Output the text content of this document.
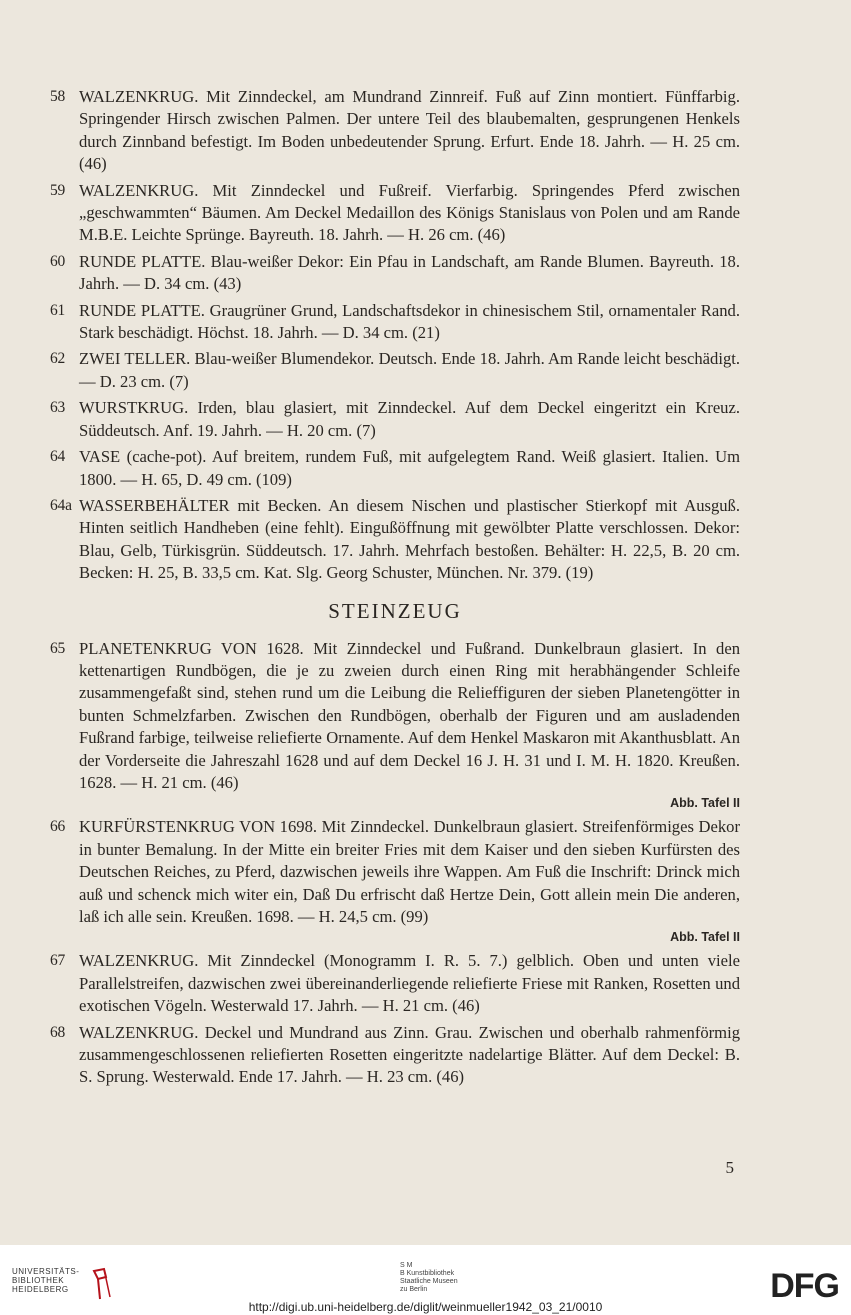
58 WALZENKRUG. Mit Zinndeckel, am Mundrand Zinnreif. Fuß auf Zinn montiert. Fünffarbig. Springender Hirsch zwischen Palmen. Der untere Teil des blaubemalten, gesprungenen Henkels durch Zinnband befestigt. Im Boden unbedeutender Sprung. Erfurt. Ende 18. Jahrh. — H. 25 cm. (46)
59 WALZENKRUG. Mit Zinndeckel und Fußreif. Vierfarbig. Springendes Pferd zwischen „geschwammten“ Bäumen. Am Deckel Medaillon des Königs Stanislaus von Polen und am Rande M.B.E. Leichte Sprünge. Bayreuth. 18. Jahrh. — H. 26 cm. (46)
60 RUNDE PLATTE. Blau-weißer Dekor: Ein Pfau in Landschaft, am Rande Blumen. Bayreuth. 18. Jahrh. — D. 34 cm. (43)
61 RUNDE PLATTE. Graugrüner Grund, Landschaftsdekor in chinesischem Stil, ornamentaler Rand. Stark beschädigt. Höchst. 18. Jahrh. — D. 34 cm. (21)
62 ZWEI TELLER. Blau-weißer Blumendekor. Deutsch. Ende 18. Jahrh. Am Rande leicht beschädigt. — D. 23 cm. (7)
63 WURSTKRUG. Irden, blau glasiert, mit Zinndeckel. Auf dem Deckel eingeritzt ein Kreuz. Süddeutsch. Anf. 19. Jahrh. — H. 20 cm. (7)
64 VASE (cache-pot). Auf breitem, rundem Fuß, mit aufgelegtem Rand. Weiß glasiert. Italien. Um 1800. — H. 65, D. 49 cm. (109)
64a WASSERBEHÄLTER mit Becken. An diesem Nischen und plastischer Stierkopf mit Ausguß. Hinten seitlich Handheben (eine fehlt). Eingußöffnung mit gewölbter Platte verschlossen. Dekor: Blau, Gelb, Türkisgrün. Süddeutsch. 17. Jahrh. Mehrfach bestoßen. Behälter: H. 22,5, B. 20 cm. Becken: H. 25, B. 33,5 cm. Kat. Slg. Georg Schuster, München. Nr. 379. (19)
STEINZEUG
65 PLANETENKRUG VON 1628. Mit Zinndeckel und Fußrand. Dunkelbraun glasiert. In den kettenartigen Rundbögen, die je zu zweien durch einen Ring mit herabhängender Schleife zusammengefaßt sind, stehen rund um die Leibung die Relieffiguren der sieben Planetengötter in bunten Schmelzfarben. Zwischen den Rundbögen, oberhalb der Figuren und am ausladenden Fußrand farbige, teilweise reliefierte Ornamente. Auf dem Henkel Maskaron mit Akanthusblatt. An der Vorderseite die Jahreszahl 1628 und auf dem Deckel 16 J. H. 31 und I. M. H. 1820. Kreußen. 1628. — H. 21 cm. (46)
Abb. Tafel II
66 KURFÜRSTENKRUG VON 1698. Mit Zinndeckel. Dunkelbraun glasiert. Streifenförmiges Dekor in bunter Bemalung. In der Mitte ein breiter Fries mit dem Kaiser und den sieben Kurfürsten des Deutschen Reiches, zu Pferd, dazwischen jeweils ihre Wappen. Am Fuß die Inschrift: Drinck mich auß und schenck mich witer ein, Daß Du erfrischt daß Hertze Dein, Gott allein mein Die anderen, laß ich alle sein. Kreußen. 1698. — H. 24,5 cm. (99)
Abb. Tafel II
67 WALZENKRUG. Mit Zinndeckel (Monogramm I. R. 5. 7.) gelblich. Oben und unten viele Parallelstreifen, dazwischen zwei übereinanderliegende reliefierte Friese mit Ranken, Rosetten und exotischen Vögeln. Westerwald 17. Jahrh. — H. 21 cm. (46)
68 WALZENKRUG. Deckel und Mundrand aus Zinn. Grau. Zwischen und oberhalb rahmenförmig zusammengeschlossenen reliefierten Rosetten eingeritzte nadelartige Blätter. Auf dem Deckel: B. S. Sprung. Westerwald. Ende 17. Jahrh. — H. 23 cm. (46)
5
UNIVERSITÄTS-
BIBLIOTHEK
HEIDELBERG
S M
B Kunstbibliothek
Staatliche Museen
zu Berlin	DFG
http://digi.ub.uni-heidelberg.de/diglit/weinmueller1942_03_21/0010
